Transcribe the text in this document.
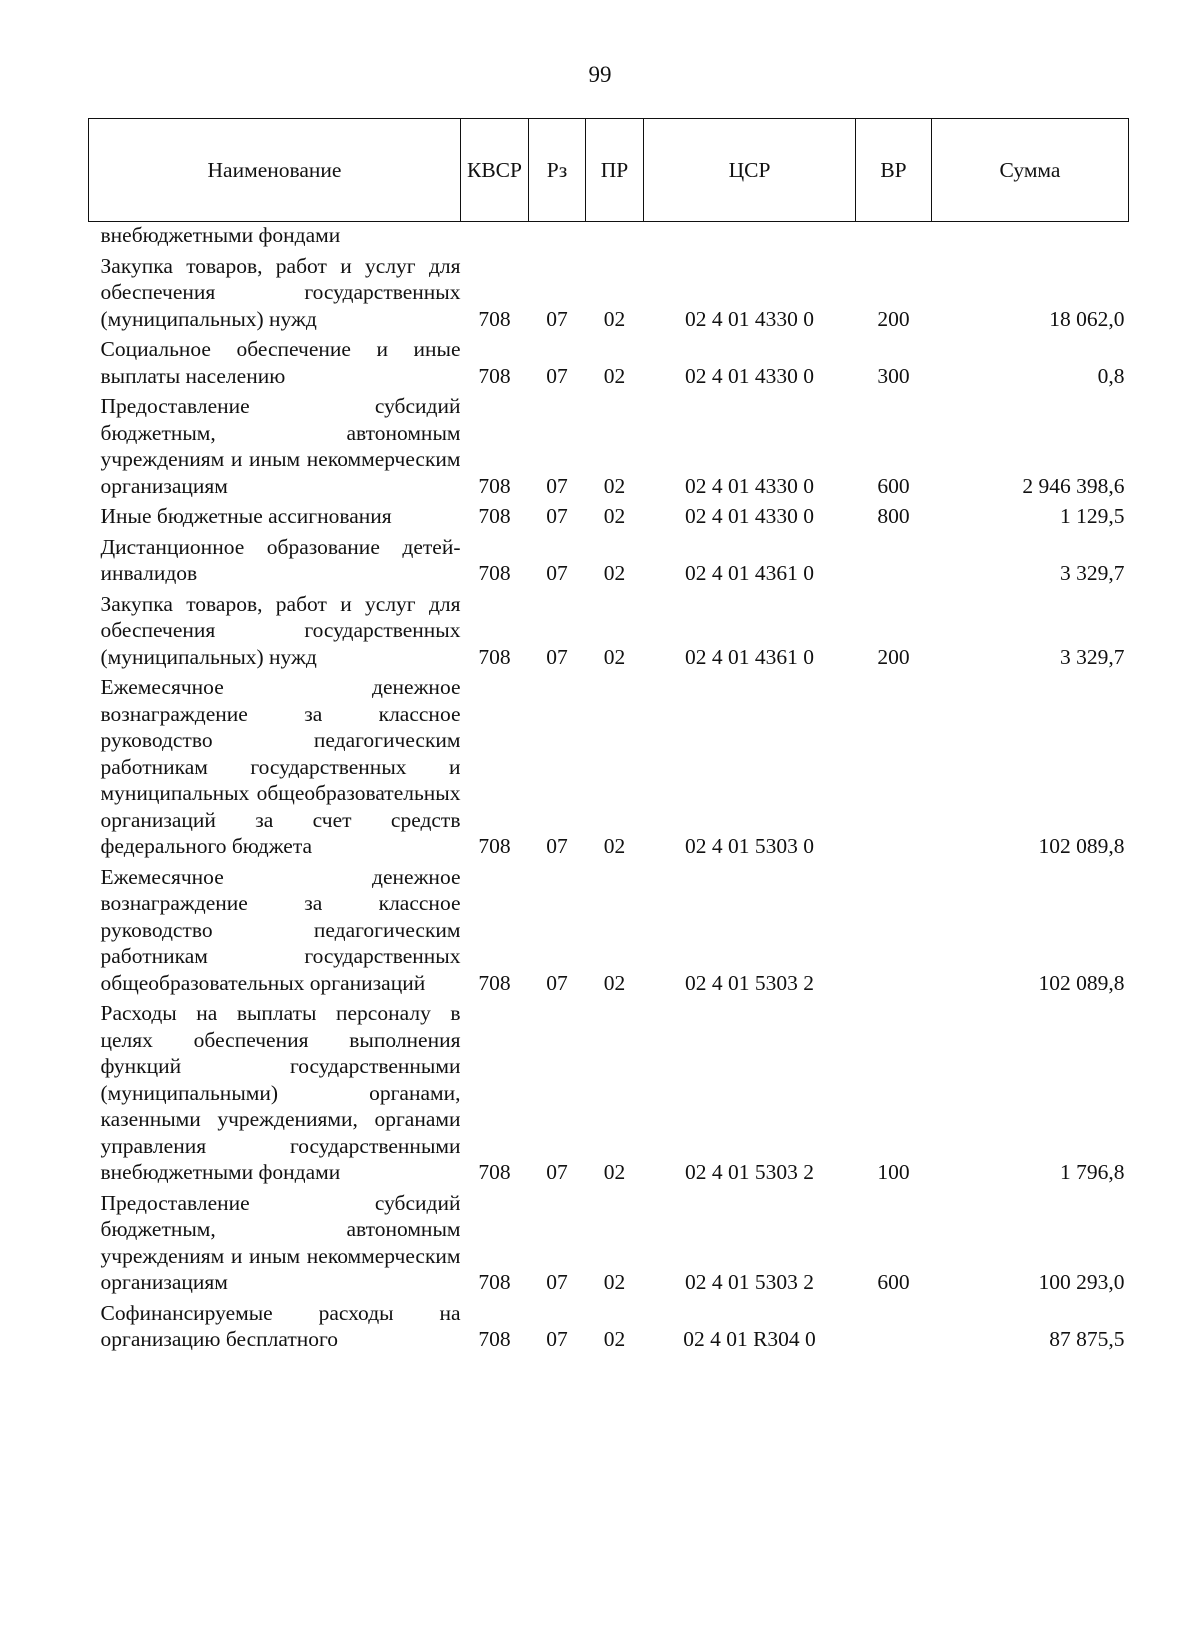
99
Наименование	КВСР	Рз	ПР	ЦСР	ВР	Сумма
внебюджетными фондами						
Закупка товаров, работ и услуг для обеспечения государственных (муниципальных) нужд	708	07	02	02 4 01 4330 0	200	18 062,0
Социальное обеспечение и иные выплаты населению	708	07	02	02 4 01 4330 0	300	0,8
Предоставление субсидий бюджетным, автономным учреждениям и иным некоммерческим организациям	708	07	02	02 4 01 4330 0	600	2 946 398,6
Иные бюджетные ассигнования	708	07	02	02 4 01 4330 0	800	1 129,5
Дистанционное образование детей-инвалидов	708	07	02	02 4 01 4361 0		3 329,7
Закупка товаров, работ и услуг для обеспечения государственных (муниципальных) нужд	708	07	02	02 4 01 4361 0	200	3 329,7
Ежемесячное денежное вознаграждение за классное руководство педагогическим работникам государственных и муниципальных общеобразовательных организаций за счет средств федерального бюджета	708	07	02	02 4 01 5303 0		102 089,8
Ежемесячное денежное вознаграждение за классное руководство педагогическим работникам государственных общеобразовательных организаций	708	07	02	02 4 01 5303 2		102 089,8
Расходы на выплаты персоналу в целях обеспечения выполнения функций государственными (муниципальными) органами, казенными учреждениями, органами управления государственными внебюджетными фондами	708	07	02	02 4 01 5303 2	100	1 796,8
Предоставление субсидий бюджетным, автономным учреждениям и иным некоммерческим организациям	708	07	02	02 4 01 5303 2	600	100 293,0
Софинансируемые расходы на организацию бесплатного	708	07	02	02 4 01 R304 0		87 875,5
